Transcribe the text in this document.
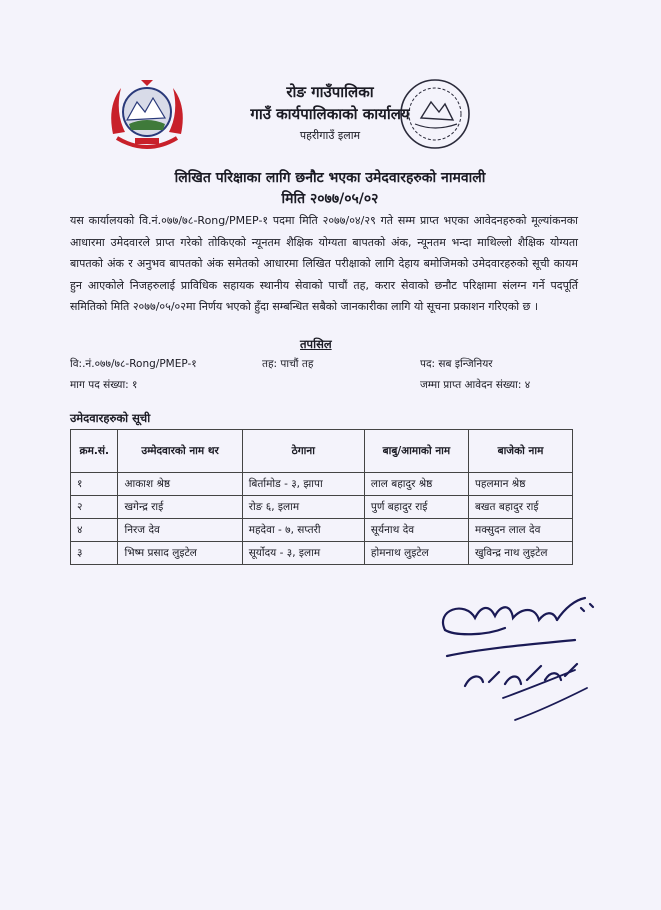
रोङ गाउँपालिका
गाउँ कार्यपालिकाको कार्यालय
पहरीगाउँ इलाम
लिखित परिक्षाका लागि छनौट भएका उमेदवारहरुको नामवाली
मिति २०७७/०५/०२

यस कार्यालयको वि.नं.०७७/७८-Rong/PMEP-१ पदमा मिति २०७७/०४/२९ गते सम्म प्राप्त भएका आवेदनहरुको मूल्यांकनका आधारमा उमेदवारले प्राप्त गरेको तोकिएको न्यूनतम शैक्षिक योग्यता बापतको अंक, न्यूनतम भन्दा माथिल्लो शैक्षिक योग्यता बापतको अंक र अनुभव बापतको अंक समेतको आधारमा लिखित परीक्षाको लागि देहाय बमोजिमको उमेदवारहरुको सूची कायम हुन आएकोले निजहरुलाई प्राविधिक सहायक स्थानीय सेवाको पाचौं तह, करार सेवाको छनौट परिक्षामा संलग्न गर्ने पदपूर्ति समितिको मिति २०७७/०५/०२मा निर्णय भएको हुँदा सम्बन्धित सबैको जानकारीका लागि यो सूचना प्रकाशन गरिएको छ ।

तपसिल
वि:.नं.०७७/७८-Rong/PMEP-१	तह: पाचौं तह	पद: सब इन्जिनियर
माग पद संख्या: १	जम्मा प्राप्त आवेदन संख्या: ४
उमेदवारहरुको सूची
क्रम.सं.	उम्मेदवारको नाम थर	ठेगाना	बाबु/आमाको नाम	बाजेको नाम
१	आकाश श्रेष्ठ	बिर्तामोड - ३, झापा	लाल बहादुर श्रेष्ठ	पहलमान श्रेष्ठ
२	खगेन्द्र राई	रोङ ६, इलाम	पुर्ण बहादुर राई	बखत बहादुर राई
४	निरज देव	महदेवा - ७, सप्तरी	सूर्यनाथ देव	मक्सुदन लाल देव
३	भिष्म प्रसाद लुइटेल	सूर्योदय - ३, इलाम	होमनाथ लुइटेल	खुविन्द्र नाथ लुइटेल
